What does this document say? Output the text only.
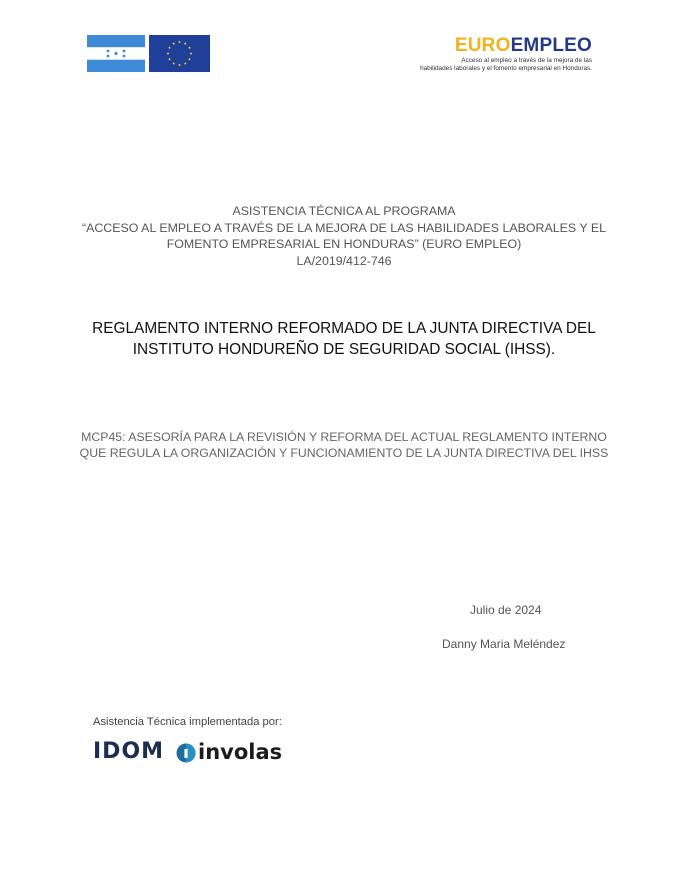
EUROEMPLEO
Acceso al empleo a través de la mejora de las
habilidades laborales y el fomento empresarial en Honduras.
ASISTENCIA TÉCNICA AL PROGRAMA
“ACCESO AL EMPLEO A TRAVÉS DE LA MEJORA DE LAS HABILIDADES LABORALES Y EL
FOMENTO EMPRESARIAL EN HONDURAS” (EURO EMPLEO)
LA/2019/412-746
REGLAMENTO INTERNO REFORMADO DE LA JUNTA DIRECTIVA DEL
INSTITUTO HONDUREÑO DE SEGURIDAD SOCIAL (IHSS).
MCP45: ASESORÍA PARA LA REVISIÓN Y REFORMA DEL ACTUAL REGLAMENTO INTERNO
QUE REGULA LA ORGANIZACIÓN Y FUNCIONAMIENTO DE LA JUNTA DIRECTIVA DEL IHSS
Julio de 2024
Danny Maria Meléndez
Asistencia Técnica implementada por:
IDOM involas
